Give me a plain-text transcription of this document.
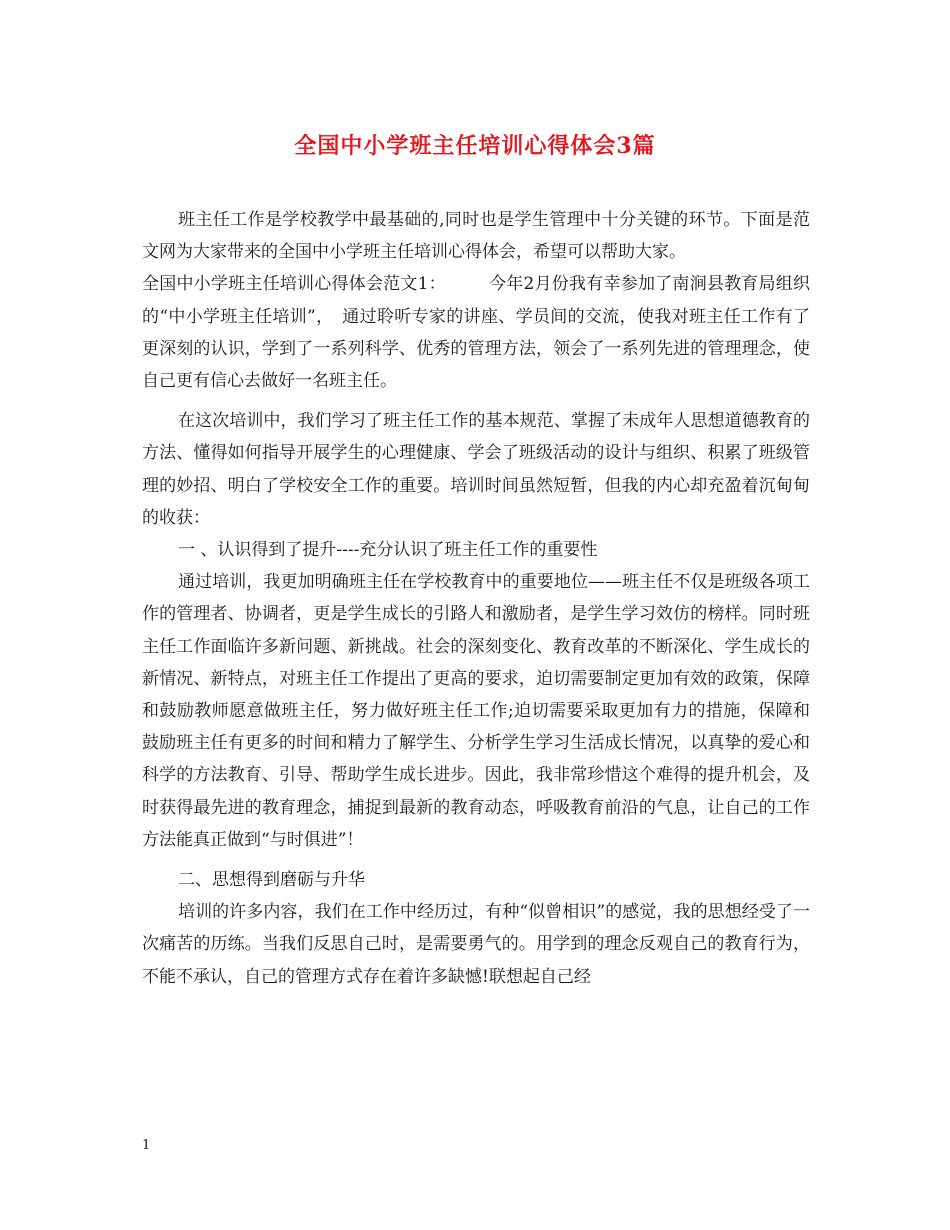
全国中小学班主任培训心得体会3篇

班主任工作是学校教学中最基础的,同时也是学生管理中十分关键的环节。下面是范文网为大家带来的全国中小学班主任培训心得体会，希望可以帮助大家。

全国中小学班主任培训心得体会范文1：　　　今年2月份我有幸参加了南涧县教育局组织的“中小学班主任培训”，　通过聆听专家的讲座、学员间的交流，使我对班主任工作有了更深刻的认识，学到了一系列科学、优秀的管理方法，领会了一系列先进的管理理念，使自己更有信心去做好一名班主任。

在这次培训中，我们学习了班主任工作的基本规范、掌握了未成年人思想道德教育的方法、懂得如何指导开展学生的心理健康、学会了班级活动的设计与组织、积累了班级管理的妙招、明白了学校安全工作的重要。培训时间虽然短暂，但我的内心却充盈着沉甸甸的收获：

一 、认识得到了提升----充分认识了班主任工作的重要性

通过培训，我更加明确班主任在学校教育中的重要地位——班主任不仅是班级各项工作的管理者、协调者，更是学生成长的引路人和激励者，是学生学习效仿的榜样。同时班主任工作面临许多新问题、新挑战。社会的深刻变化、教育改革的不断深化、学生成长的新情况、新特点，对班主任工作提出了更高的要求，迫切需要制定更加有效的政策，保障和鼓励教师愿意做班主任，努力做好班主任工作;迫切需要采取更加有力的措施，保障和鼓励班主任有更多的时间和精力了解学生、分析学生学习生活成长情况，以真挚的爱心和科学的方法教育、引导、帮助学生成长进步。因此，我非常珍惜这个难得的提升机会，及时获得最先进的教育理念，捕捉到最新的教育动态，呼吸教育前沿的气息，让自己的工作方法能真正做到“与时俱进”！

二、思想得到磨砺与升华

培训的许多内容，我们在工作中经历过，有种“似曾相识”的感觉，我的思想经受了一次痛苦的历练。当我们反思自己时，是需要勇气的。用学到的理念反观自己的教育行为，不能不承认，自己的管理方式存在着许多缺憾!联想起自己经

1
